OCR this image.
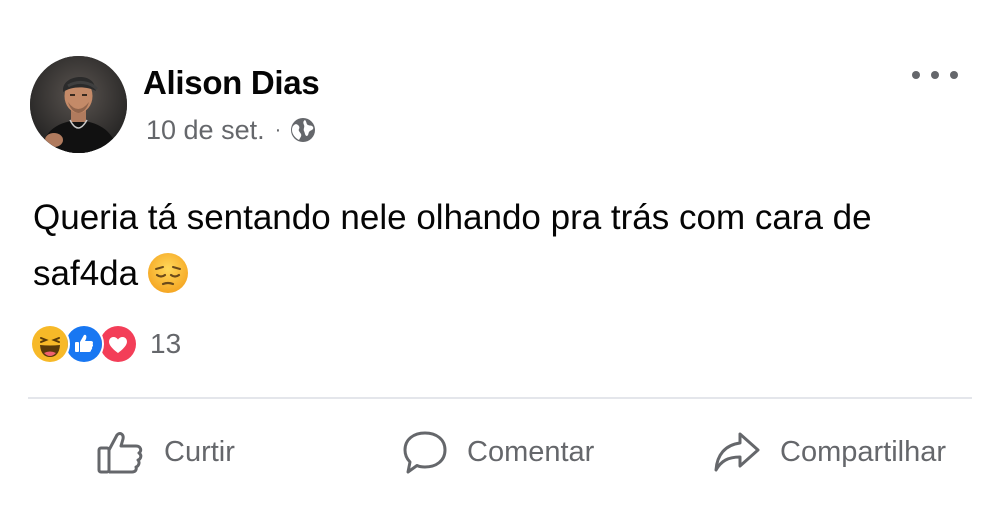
Alison Dias
10 de set. ·
Queria tá sentando nele olhando pra trás com cara de saf4da
13
Curtir	Comentar	Compartilhar
